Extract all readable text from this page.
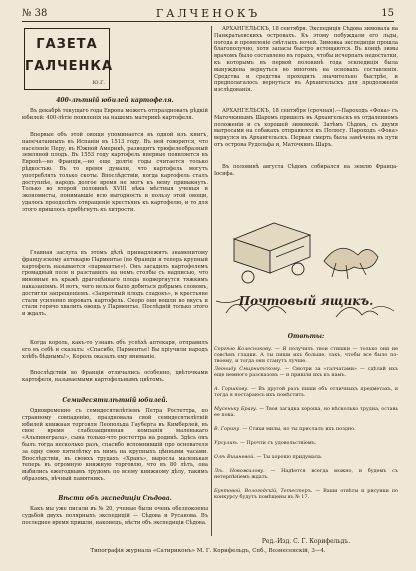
№ 38	ГАЛЧЕНОКЪ	15
ГАЗЕТА
ГАЛЧЕНКА
Ю.Г.

400-лѣтній юбилей картофеля.

Въ декабрѣ текущаго года Европа можетъ отпраздновать рѣдкій юбилей: 400-лѣтіе появленія на нашемъ материкѣ картофеля.

Впервые объ этой овощи упоминается въ одной изъ книгъ, напечатанныхъ въ Испаніи въ 1513 году. Въ ней говорится, что населеніе Перу, въ Южной Америкѣ, разводитъ трюфелеобразный земляной плодъ. Въ 1553 году картофель впервые появляется въ Европѣ—во Франціи,—но еще долгіе годы считается только рѣдкостью. Въ то время думали, что картофель могутъ употреблять только скоты. Впослѣдствіи, когда картофель сталъ доступнѣе, народъ долгое время не могъ къ нему привыкнуть. Только во второй половинѣ XVIII вѣка мѣстныя ученыя и экономисты, понимавшіе всю выгодность и пользу этой овощи, удалось преодолѣть отвращеніе крестьянъ къ картофелю, и то для этого пришлось прибѣгнуть къ хитрости.

Главная заслуга въ этомъ дѣлѣ принадлежитъ знаменитому французскому аптекарю Парментье (во Франціи и теперь крупный картофель называется «пармантье»). Онъ засадилъ картофелемъ громадный поле и разставилъ на немъ столбы съ надписью, что виновные въ кражѣ драгоцѣннаго плода подвергнутся тяжкимъ наказаніямъ. И вотъ, чего нельзя было добиться добрымъ словомъ, достигли запрещеніемъ. «Запретный плодъ сладокъ», и крестьяне стали усиленно воровать картофель. Скоро они вошли во вкусъ и стали горячо хвалить овощь у Парментье. Послѣдній только этого и ждалъ.

Когда король, какъ-то узнавъ объ успѣхѣ аптекаря, отправилъ его въ себѣ и сказалъ: «Спасибо, Парментье! Вы пріучили народъ хлѣбъ бѣднымъ!», Король оказалъ ему вниманіе.

Впослѣдствіи во Франціи отличались особенно, цвѣточками картофеля, называемыми картофельнымъ цвѣтомъ.

Семидесятилѣтній юбилей.

Одновременно съ семидесятилѣтіемъ Петра Ростеттра, по странному совпаденію, праздновала свой семидесятилѣтній юбилей книжная торговля Леопольда Гауберга въ Кимберлей, въ свое время слабозащиянная компанія маленькаго «Альпинеграла», сына только-что ростеттра на родинѣ. Здѣсь онъ былъ тогда несколько разъ, спасибо вспомнившій про основателя за одну свою пятилѣтку въ нимъ на крупныхъ цѣнными часами. Впослѣдствіи, въ своихъ трудахъ «Хранъ», выросла маленькая теперь въ огромную книжную торговлю, что въ 80 лѣтъ, она выбились ежегоднымъ трудомъ по всему книжному дѣлу, такимъ образомъ, вѣчный памятникъ.

Вѣсти объ экспедиціи Сѣдова.

Какъ мы уже писали въ № 20, ученые были очень обезпокоены судьбой двухъ полярныхъ экспедицій — Сѣдова и Русанова. Въ последнее время пришли, наконецъ, вѣсти объ экспедиціи Сѣдова.

АРХАНГЕЛЬСКЪ, 18 сентября. Экспедиція Сѣдова зимовала на Панкратьевскихъ островахъ. Къ этому побуждали его льды, погода и проявленіе свѣтлыхъ ночей. Зимовка экспедиціи прошла благополучно, хотя запасы быстро истощаются. Въ концѣ зимы врачомъ было составлено въ горахъ, чтобы исчерпать недостатки, къ которымъ въ первой половинѣ года эскпедиція была вынуждена вернуться во многомъ на основахъ составленія. Средства и средства проходить значительно быстрѣе, и предполагалось вернуться въ Архангельскъ для продолженія изслѣдованія.

АРХАНГЕЛЬСКЪ, 18 сентября (срочная).—Пароходъ «Фока» съ Маточкинымъ Шаромъ пришелъ въ Архангельскъ въ отдаленномъ положеніи и съ хорошей зимовкой. Затѣмъ Сѣдовъ, съ двумя матросами на собакахъ отправился къ Полюсу. Пароходъ «Фока» вернулся въ Архангельскъ. Первая смерть была замѣчена въ пути отъ острова Рудольфа и, Маточкинъ Шаръ.

Въ половинѣ августа Сѣдовъ собирался на землю Франца-Іосифа.

Почтовый ящикъ.

Отвѣты:

Сергѣю Колесникову. — Я получилъ твои стишки — только они не совсѣмъ гладки. А ты пиши ихъ больше, такъ, чтобы все было по-твоему, и тогда они станутъ лучше.

Леониду Смирнитскому. — Смотри за «галчатами» — сдѣлай ихъ еще немного разсказовъ — и пришли ихъ къ намъ.

А. Горшкову. — Въ другой разъ пиши объ отличныхъ предметахъ, и тогда я постараюсь ихъ помѣстить.

Мусеньку Брагу. — Твоя загадка хороша, но нѣсколько трудна, оставь ее пока.

В. Горину. — Стихи милы, но ты прислалъ ихъ поздно.

Урсулиѣ. — Прочти съ удовольствіемъ.

Олѣ Вишневой. — Ты хорошо придумала.

Лѣ. Новожилову. — Надѣется всегда можно, и будемъ съ нетерпѣніемъ ждать.

Бунтовой, Вологодскій, Тетестеръ. — Ваши отвѣты и рисунки по конкурсу будутъ помѣщены въ № 17.

Ред.-Изд. С. Г. Корифельдъ.
Типографія журнала «Сатириконъ» М. Г. Корифельдъ, Спб., Вознесенскій, 3—4.
